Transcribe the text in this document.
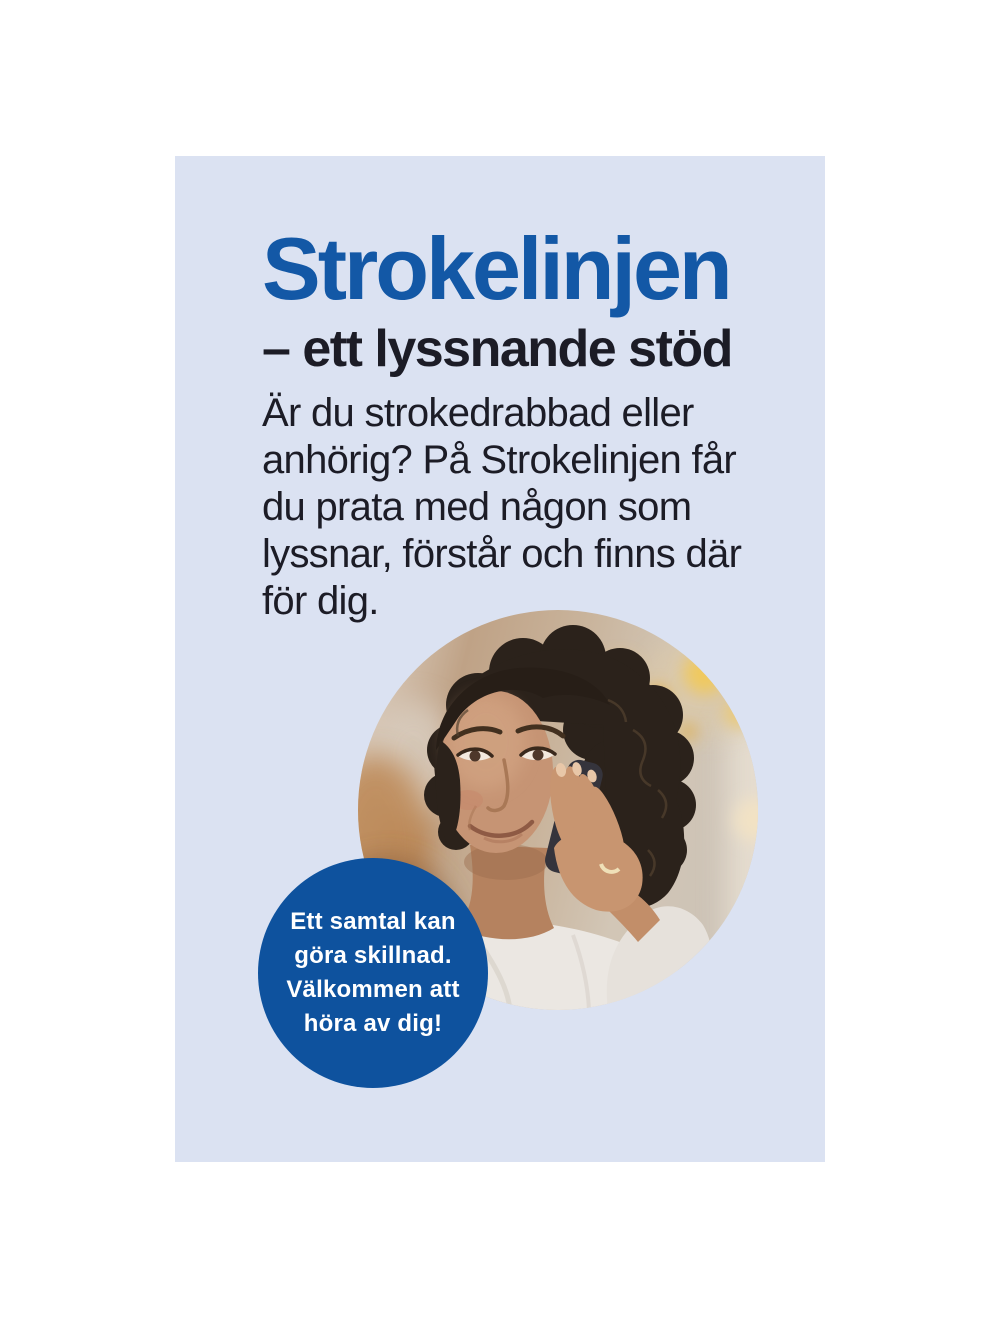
Strokelinjen
– ett lyssnande stöd

Är du strokedrabbad eller
anhörig? På Strokelinjen får
du prata med någon som
lyssnar, förstår och finns där
för dig.

Ett samtal kan
göra skillnad.
Välkommen att
höra av dig!
